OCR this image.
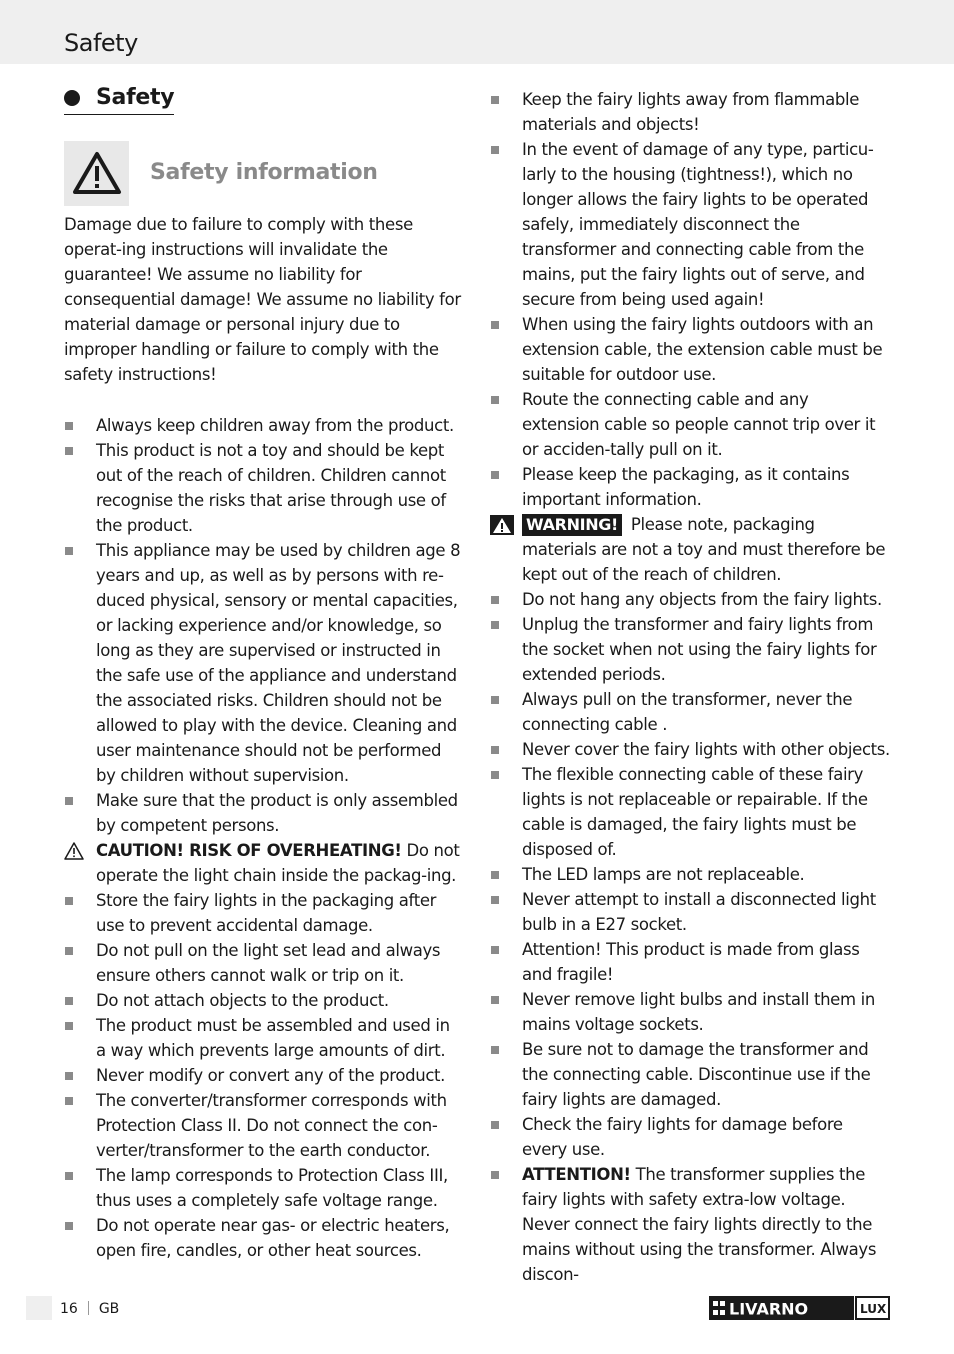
Safety
Safety
Safety information

Damage due to failure to comply with these operat-ing instructions will invalidate the guarantee! We assume no liability for consequential damage! We assume no liability for material damage or personal injury due to improper handling or failure to comply with the safety instructions!

Always keep children away from the product.
This product is not a toy and should be kept out of the reach of children. Children cannot recognise the risks that arise through use of the product.
This appliance may be used by children age 8 years and up, as well as by persons with re-duced physical, sensory or mental capacities, or lacking experience and/or knowledge, so long as they are supervised or instructed in the safe use of the appliance and understand the associated risks. Children should not be allowed to play with the device. Cleaning and user maintenance should not be performed by children without supervision.
Make sure that the product is only assembled by competent persons.
CAUTION! RISK OF OVERHEATING! Do not operate the light chain inside the packag-ing.
Store the fairy lights in the packaging after use to prevent accidental damage.
Do not pull on the light set lead and always ensure others cannot walk or trip on it.
Do not attach objects to the product.
The product must be assembled and used in a way which prevents large amounts of dirt.
Never modify or convert any of the product.
The converter/transformer corresponds with Protection Class II. Do not connect the con-verter/transformer to the earth conductor.
The lamp corresponds to Protection Class III, thus uses a completely safe voltage range.
Do not operate near gas- or electric heaters, open fire, candles, or other heat sources.
Keep the fairy lights away from flammable materials and objects!
In the event of damage of any type, particu-larly to the housing (tightness!), which no longer allows the fairy lights to be operated safely, immediately disconnect the transformer and connecting cable from the mains, put the fairy lights out of serve, and secure from being used again!
When using the fairy lights outdoors with an extension cable, the extension cable must be suitable for outdoor use.
Route the connecting cable and any extension cable so people cannot trip over it or acciden-tally pull on it.
Please keep the packaging, as it contains important information.
WARNING! Please note, packaging materials are not a toy and must therefore be kept out of the reach of children.
Do not hang any objects from the fairy lights.
Unplug the transformer and fairy lights from the socket when not using the fairy lights for extended periods.
Always pull on the transformer, never the connecting cable .
Never cover the fairy lights with other objects.
The flexible connecting cable of these fairy lights is not replaceable or repairable. If the cable is damaged, the fairy lights must be disposed of.
The LED lamps are not replaceable.
Never attempt to install a disconnected light bulb in a E27 socket.
Attention! This product is made from glass and fragile!
Never remove light bulbs and install them in mains voltage sockets.
Be sure not to damage the transformer and the connecting cable. Discontinue use if the fairy lights are damaged.
Check the fairy lights for damage before every use.
ATTENTION! The transformer supplies the fairy lights with safety extra-low voltage. Never connect the fairy lights directly to the mains without using the transformer. Always discon-
16 GB	LIVARNO	LUX
